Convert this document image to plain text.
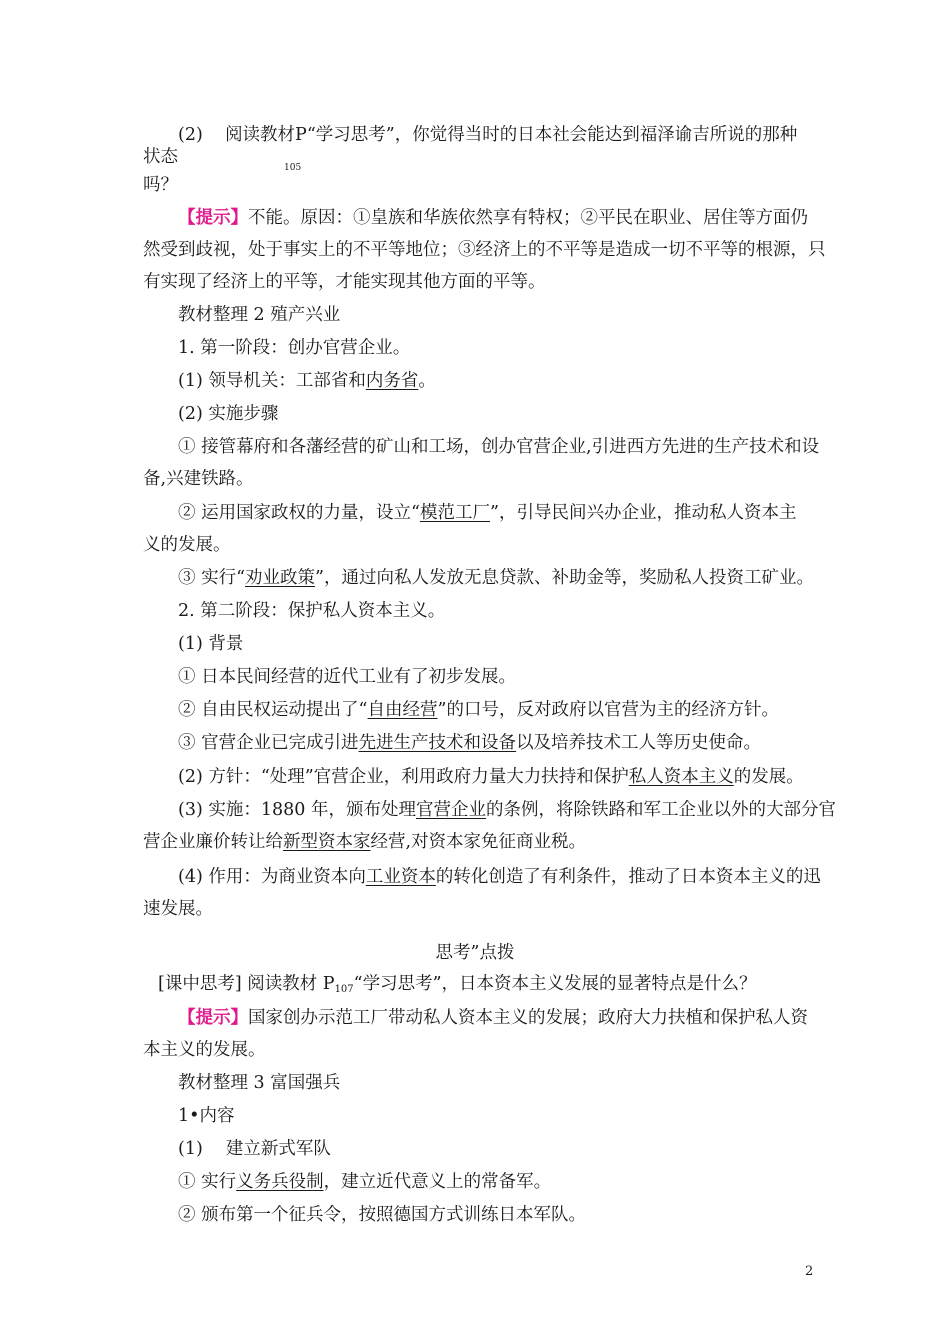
(2) 阅读教材P“学习思考”，你觉得当时的日本社会能达到福泽谕吉所说的那种
状态
105
吗？
【提示】不能。原因：①皇族和华族依然享有特权；②平民在职业、居住等方面仍
然受到歧视，处于事实上的不平等地位；③经济上的不平等是造成一切不平等的根源，只
有实现了经济上的平等，才能实现其他方面的平等。
教材整理 2 殖产兴业
1. 第一阶段：创办官营企业。
(1) 领导机关：工部省和内务省。
(2) 实施步骤
① 接管幕府和各藩经营的矿山和工场，创办官营企业,引进西方先进的生产技术和设
备,兴建铁路。
② 运用国家政权的力量，设立“模范工厂”，引导民间兴办企业，推动私人资本主
义的发展。
③ 实行“劝业政策”，通过向私人发放无息贷款、补助金等，奖励私人投资工矿业。
2. 第二阶段：保护私人资本主义。
(1) 背景
① 日本民间经营的近代工业有了初步发展。
② 自由民权运动提出了“自由经营”的口号，反对政府以官营为主的经济方针。
③ 官营企业已完成引进先进生产技术和设备以及培养技术工人等历史使命。
(2) 方针：“处理”官营企业，利用政府力量大力扶持和保护私人资本主义的发展。
(3) 实施：1880 年，颁布处理官营企业的条例，将除铁路和军工企业以外的大部分官
营企业廉价转让给新型资本家经营,对资本家免征商业税。
(4) 作用：为商业资本向工业资本的转化创造了有利条件，推动了日本资本主义的迅
速发展。
思考”点拨
[课中思考] 阅读教材 $P_{107}“$学习思考”，日本资本主义发展的显著特点是什么？
【提示】国家创办示范工厂带动私人资本主义的发展；政府大力扶植和保护私人资
本主义的发展。
教材整理 3 富国强兵
1•内容
(1)　 建立新式军队
① 实行义务兵役制，建立近代意义上的常备军。
② 颁布第一个征兵令，按照德国方式训练日本军队。
2
